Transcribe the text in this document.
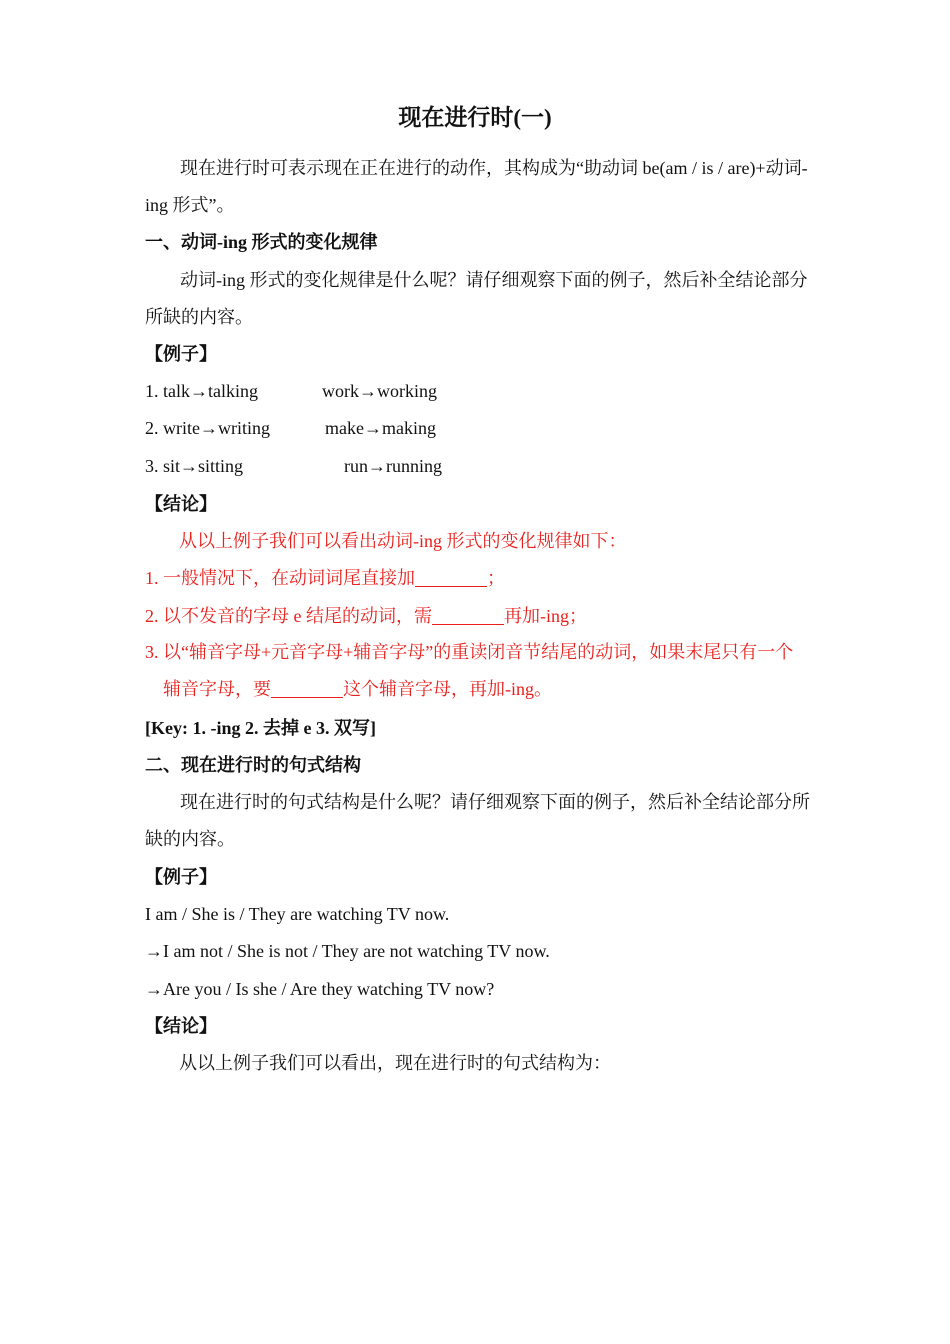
现在进行时(一)
现在进行时可表示现在正在进行的动作，其构成为“助动词 be(am / is / are)+动词-ing 形式”。
一、动词-ing 形式的变化规律
动词-ing 形式的变化规律是什么呢？请仔细观察下面的例子，然后补全结论部分所缺的内容。
【例子】
1. talk→talking	work→working
2. write→writing	make→making
3. sit→sitting	run→running
【结论】
从以上例子我们可以看出动词-ing 形式的变化规律如下：
1. 一般情况下，在动词词尾直接加	；
2. 以不发音的字母 e 结尾的动词，需	再加-ing；
3. 以“辅音字母+元音字母+辅音字母”的重读闭音节结尾的动词，如果末尾只有一个辅音字母，要	这个辅音字母，再加-ing。
[Key: 1. -ing 2. 去掉 e 3. 双写]
二、现在进行时的句式结构
现在进行时的句式结构是什么呢？请仔细观察下面的例子，然后补全结论部分所缺的内容。
【例子】
I am / She is / They are watching TV now.
→I am not / She is not / They are not watching TV now.
→Are you / Is she / Are they watching TV now?
【结论】
从以上例子我们可以看出，现在进行时的句式结构为：
